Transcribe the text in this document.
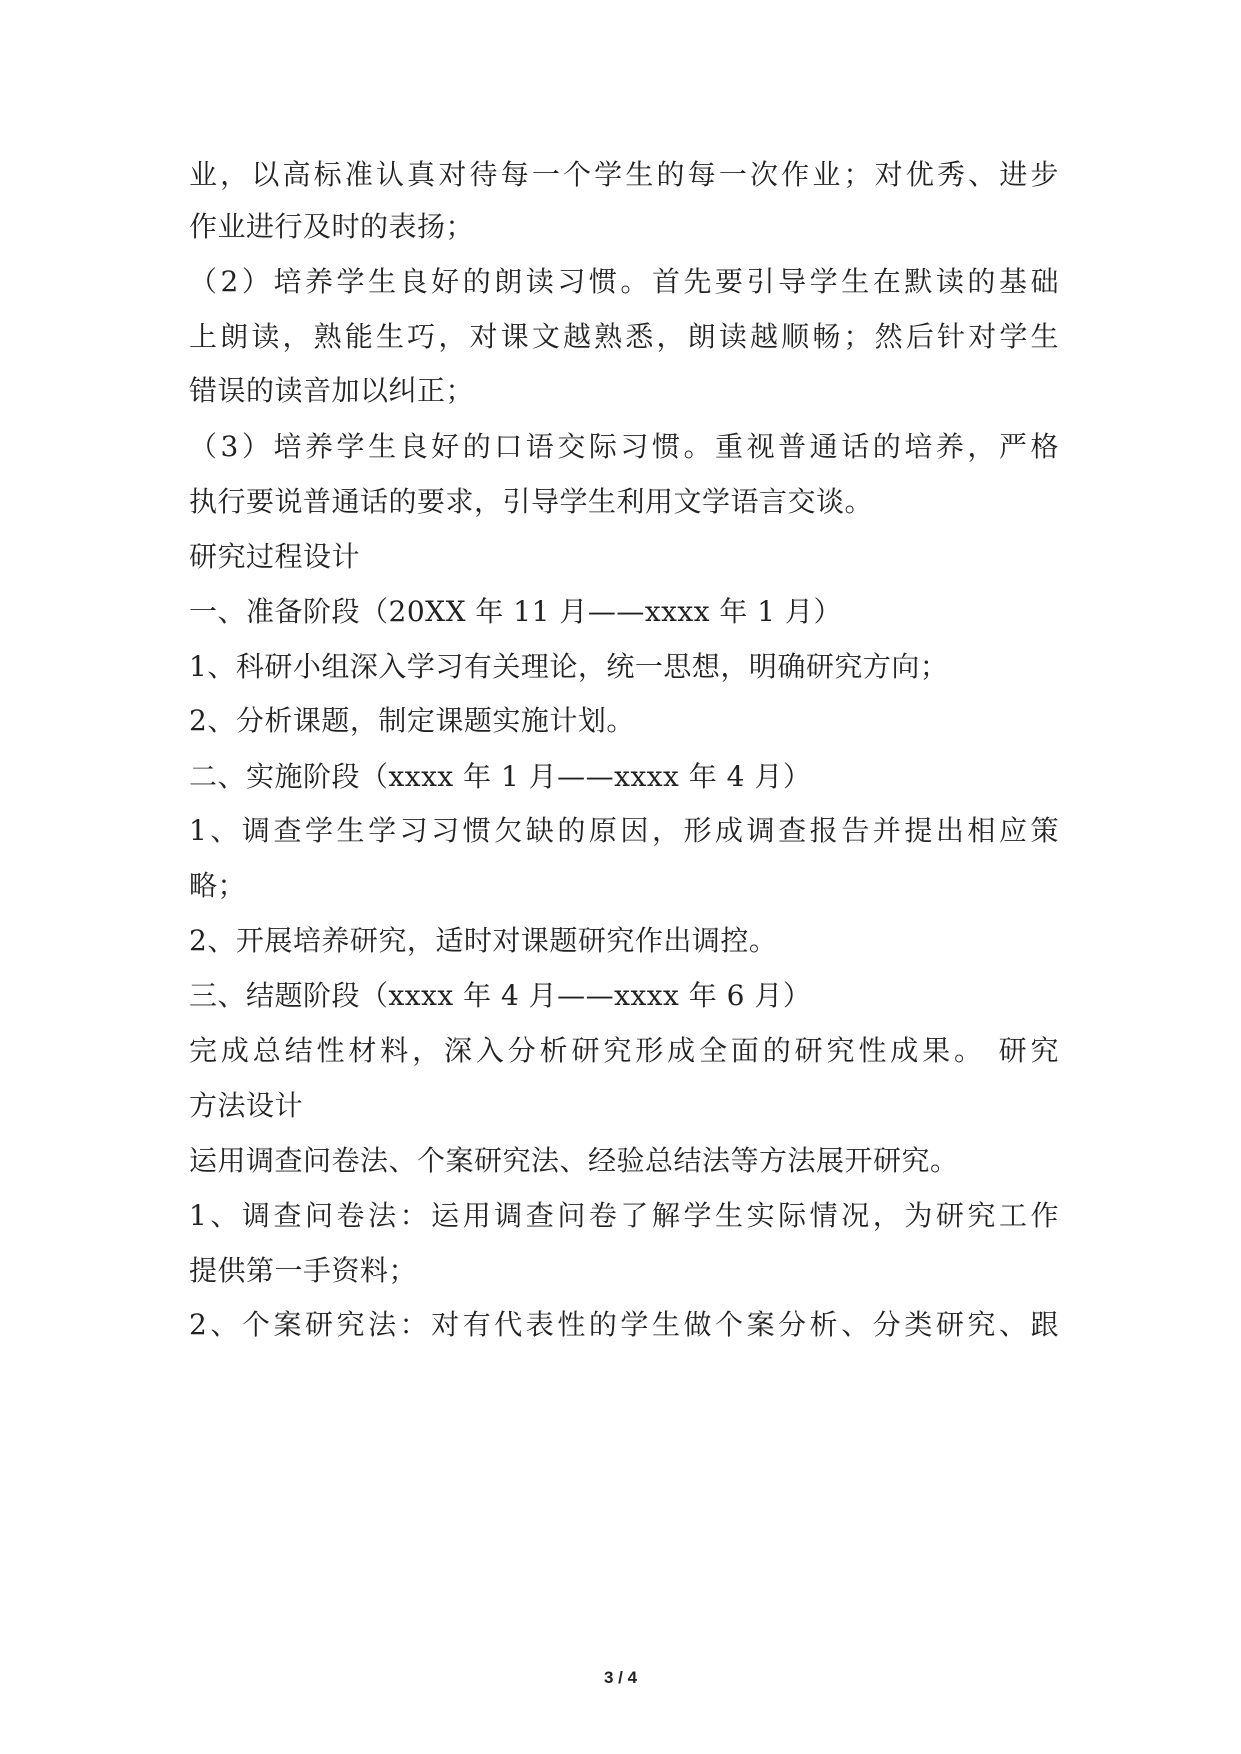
业，以高标准认真对待每一个学生的每一次作业；对优秀、进步
作业进行及时的表扬；
（2）培养学生良好的朗读习惯。首先要引导学生在默读的基础
上朗读，熟能生巧，对课文越熟悉，朗读越顺畅；然后针对学生
错误的读音加以纠正；
（3）培养学生良好的口语交际习惯。重视普通话的培养，严格
执行要说普通话的要求，引导学生利用文学语言交谈。
研究过程设计
一、准备阶段（20XX 年 11 月——xxxx 年 1 月）
1、科研小组深入学习有关理论，统一思想，明确研究方向；
2、分析课题，制定课题实施计划。
二、实施阶段（xxxx 年 1 月——xxxx 年 4 月）
1、调查学生学习习惯欠缺的原因，形成调查报告并提出相应策
略；
2、开展培养研究，适时对课题研究作出调控。
三、结题阶段（xxxx 年 4 月——xxxx 年 6 月）
完成总结性材料，深入分析研究形成全面的研究性成果。 研究
方法设计
运用调查问卷法、个案研究法、经验总结法等方法展开研究。
1、调查问卷法：运用调查问卷了解学生实际情况，为研究工作
提供第一手资料；
2、个案研究法：对有代表性的学生做个案分析、分类研究、跟
3 / 4
